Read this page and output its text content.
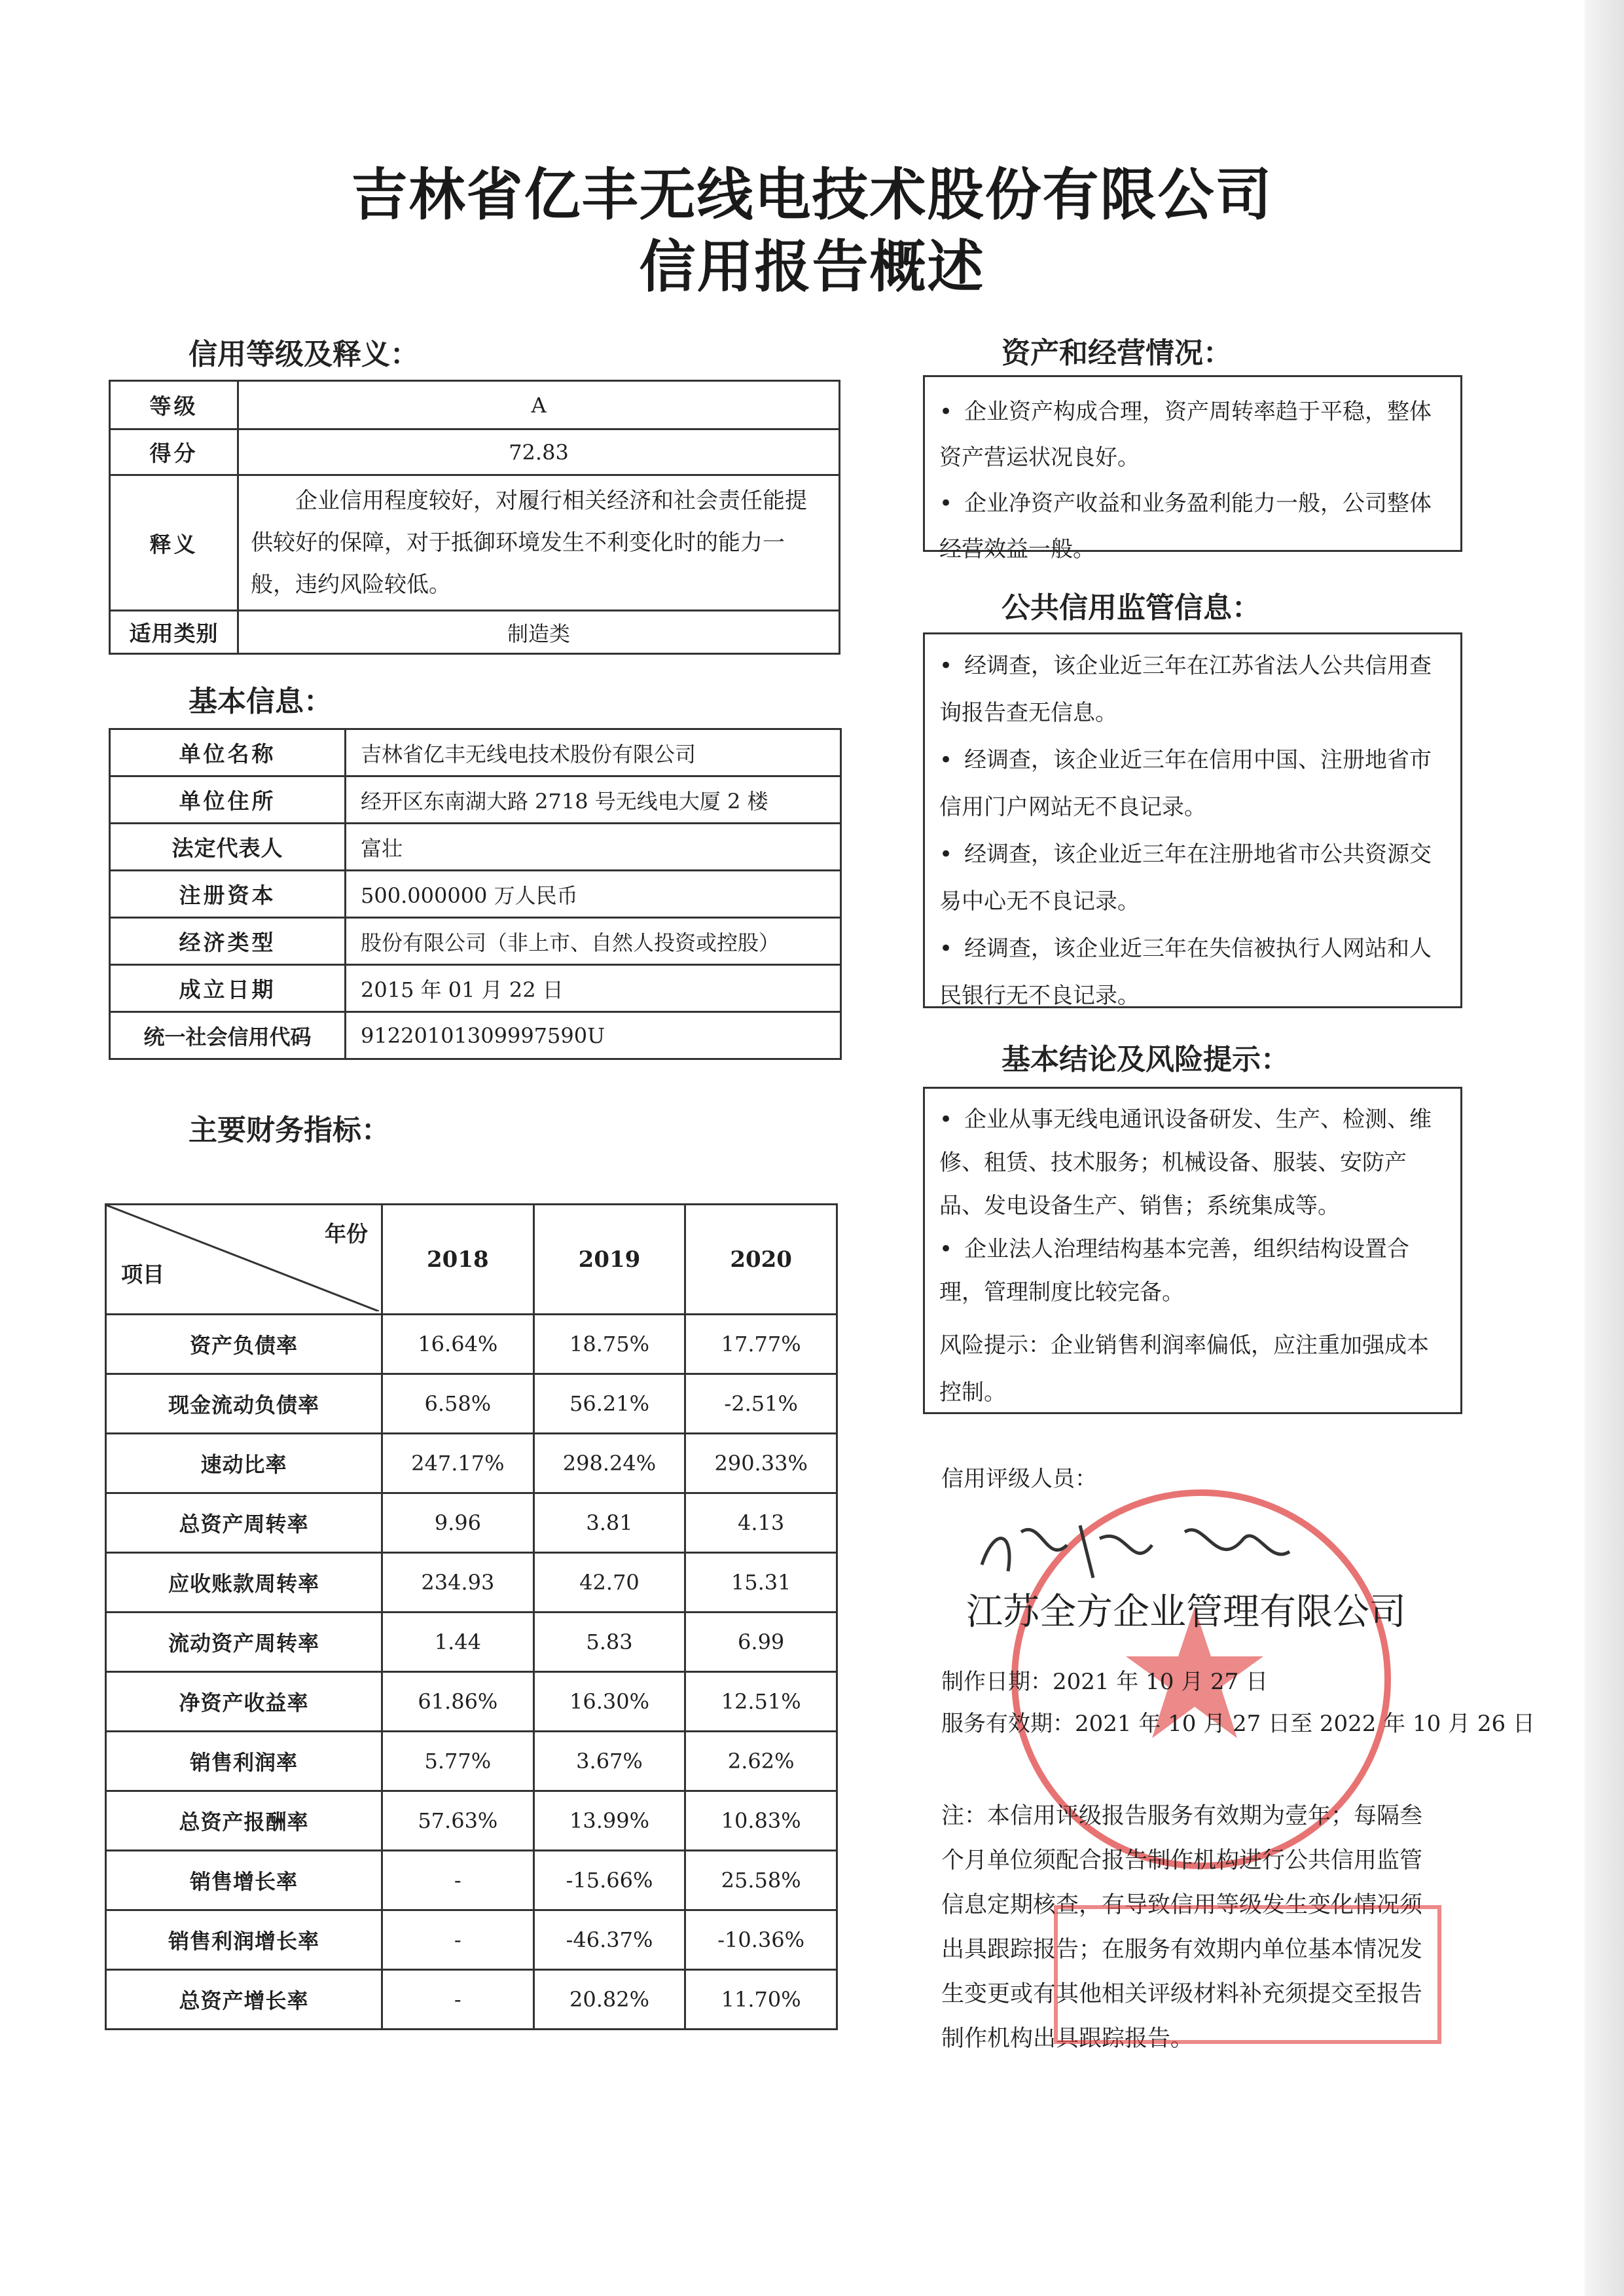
吉林省亿丰无线电技术股份有限公司
信用报告概述
信用等级及释义：
等级	A
得分	72.83
释义	企业信用程度较好，对履行相关经济和社会责任能提供较好的保障，对于抵御环境发生不利变化时的能力一般，违约风险较低。
适用类别	制造类
基本信息：
单位名称	吉林省亿丰无线电技术股份有限公司
单位住所	经开区东南湖大路 2718 号无线电大厦 2 楼
法定代表人	富壮
注册资本	500.000000 万人民币
经济类型	股份有限公司（非上市、自然人投资或控股）
成立日期	2015 年 01 月 22 日
统一社会信用代码	91220101309997590U
主要财务指标：
年份
项目	2018	2019	2020
资产负债率	16.64%	18.75%	17.77%
现金流动负债率	6.58%	56.21%	-2.51%
速动比率	247.17%	298.24%	290.33%
总资产周转率	9.96	3.81	4.13
应收账款周转率	234.93	42.70	15.31
流动资产周转率	1.44	5.83	6.99
净资产收益率	61.86%	16.30%	12.51%
销售利润率	5.77%	3.67%	2.62%
总资产报酬率	57.63%	13.99%	10.83%
销售增长率	-	-15.66%	25.58%
销售利润增长率	-	-46.37%	-10.36%
总资产增长率	-	20.82%	11.70%
资产和经营情况：
• 企业资产构成合理，资产周转率趋于平稳，整体资产营运状况良好。
• 企业净资产收益和业务盈利能力一般，公司整体经营效益一般。
公共信用监管信息：
• 经调查，该企业近三年在江苏省法人公共信用查询报告查无信息。
• 经调查，该企业近三年在信用中国、注册地省市信用门户网站无不良记录。
• 经调查，该企业近三年在注册地省市公共资源交易中心无不良记录。
• 经调查，该企业近三年在失信被执行人网站和人民银行无不良记录。
基本结论及风险提示：
• 企业从事无线电通讯设备研发、生产、检测、维修、租赁、技术服务；机械设备、服装、安防产品、发电设备生产、销售；系统集成等。
• 企业法人治理结构基本完善，组织结构设置合理，管理制度比较完备。
风险提示：企业销售利润率偏低，应注重加强成本控制。
信用评级人员：
江苏全方企业管理有限公司
制作日期：2021 年 10 月 27 日
服务有效期：2021 年 10 月 27 日至 2022 年 10 月 26 日
注：本信用评级报告服务有效期为壹年；每隔叁个月单位须配合报告制作机构进行公共信用监管信息定期核查，有导致信用等级发生变化情况须出具跟踪报告；在服务有效期内单位基本情况发生变更或有其他相关评级材料补充须提交至报告制作机构出具跟踪报告。
